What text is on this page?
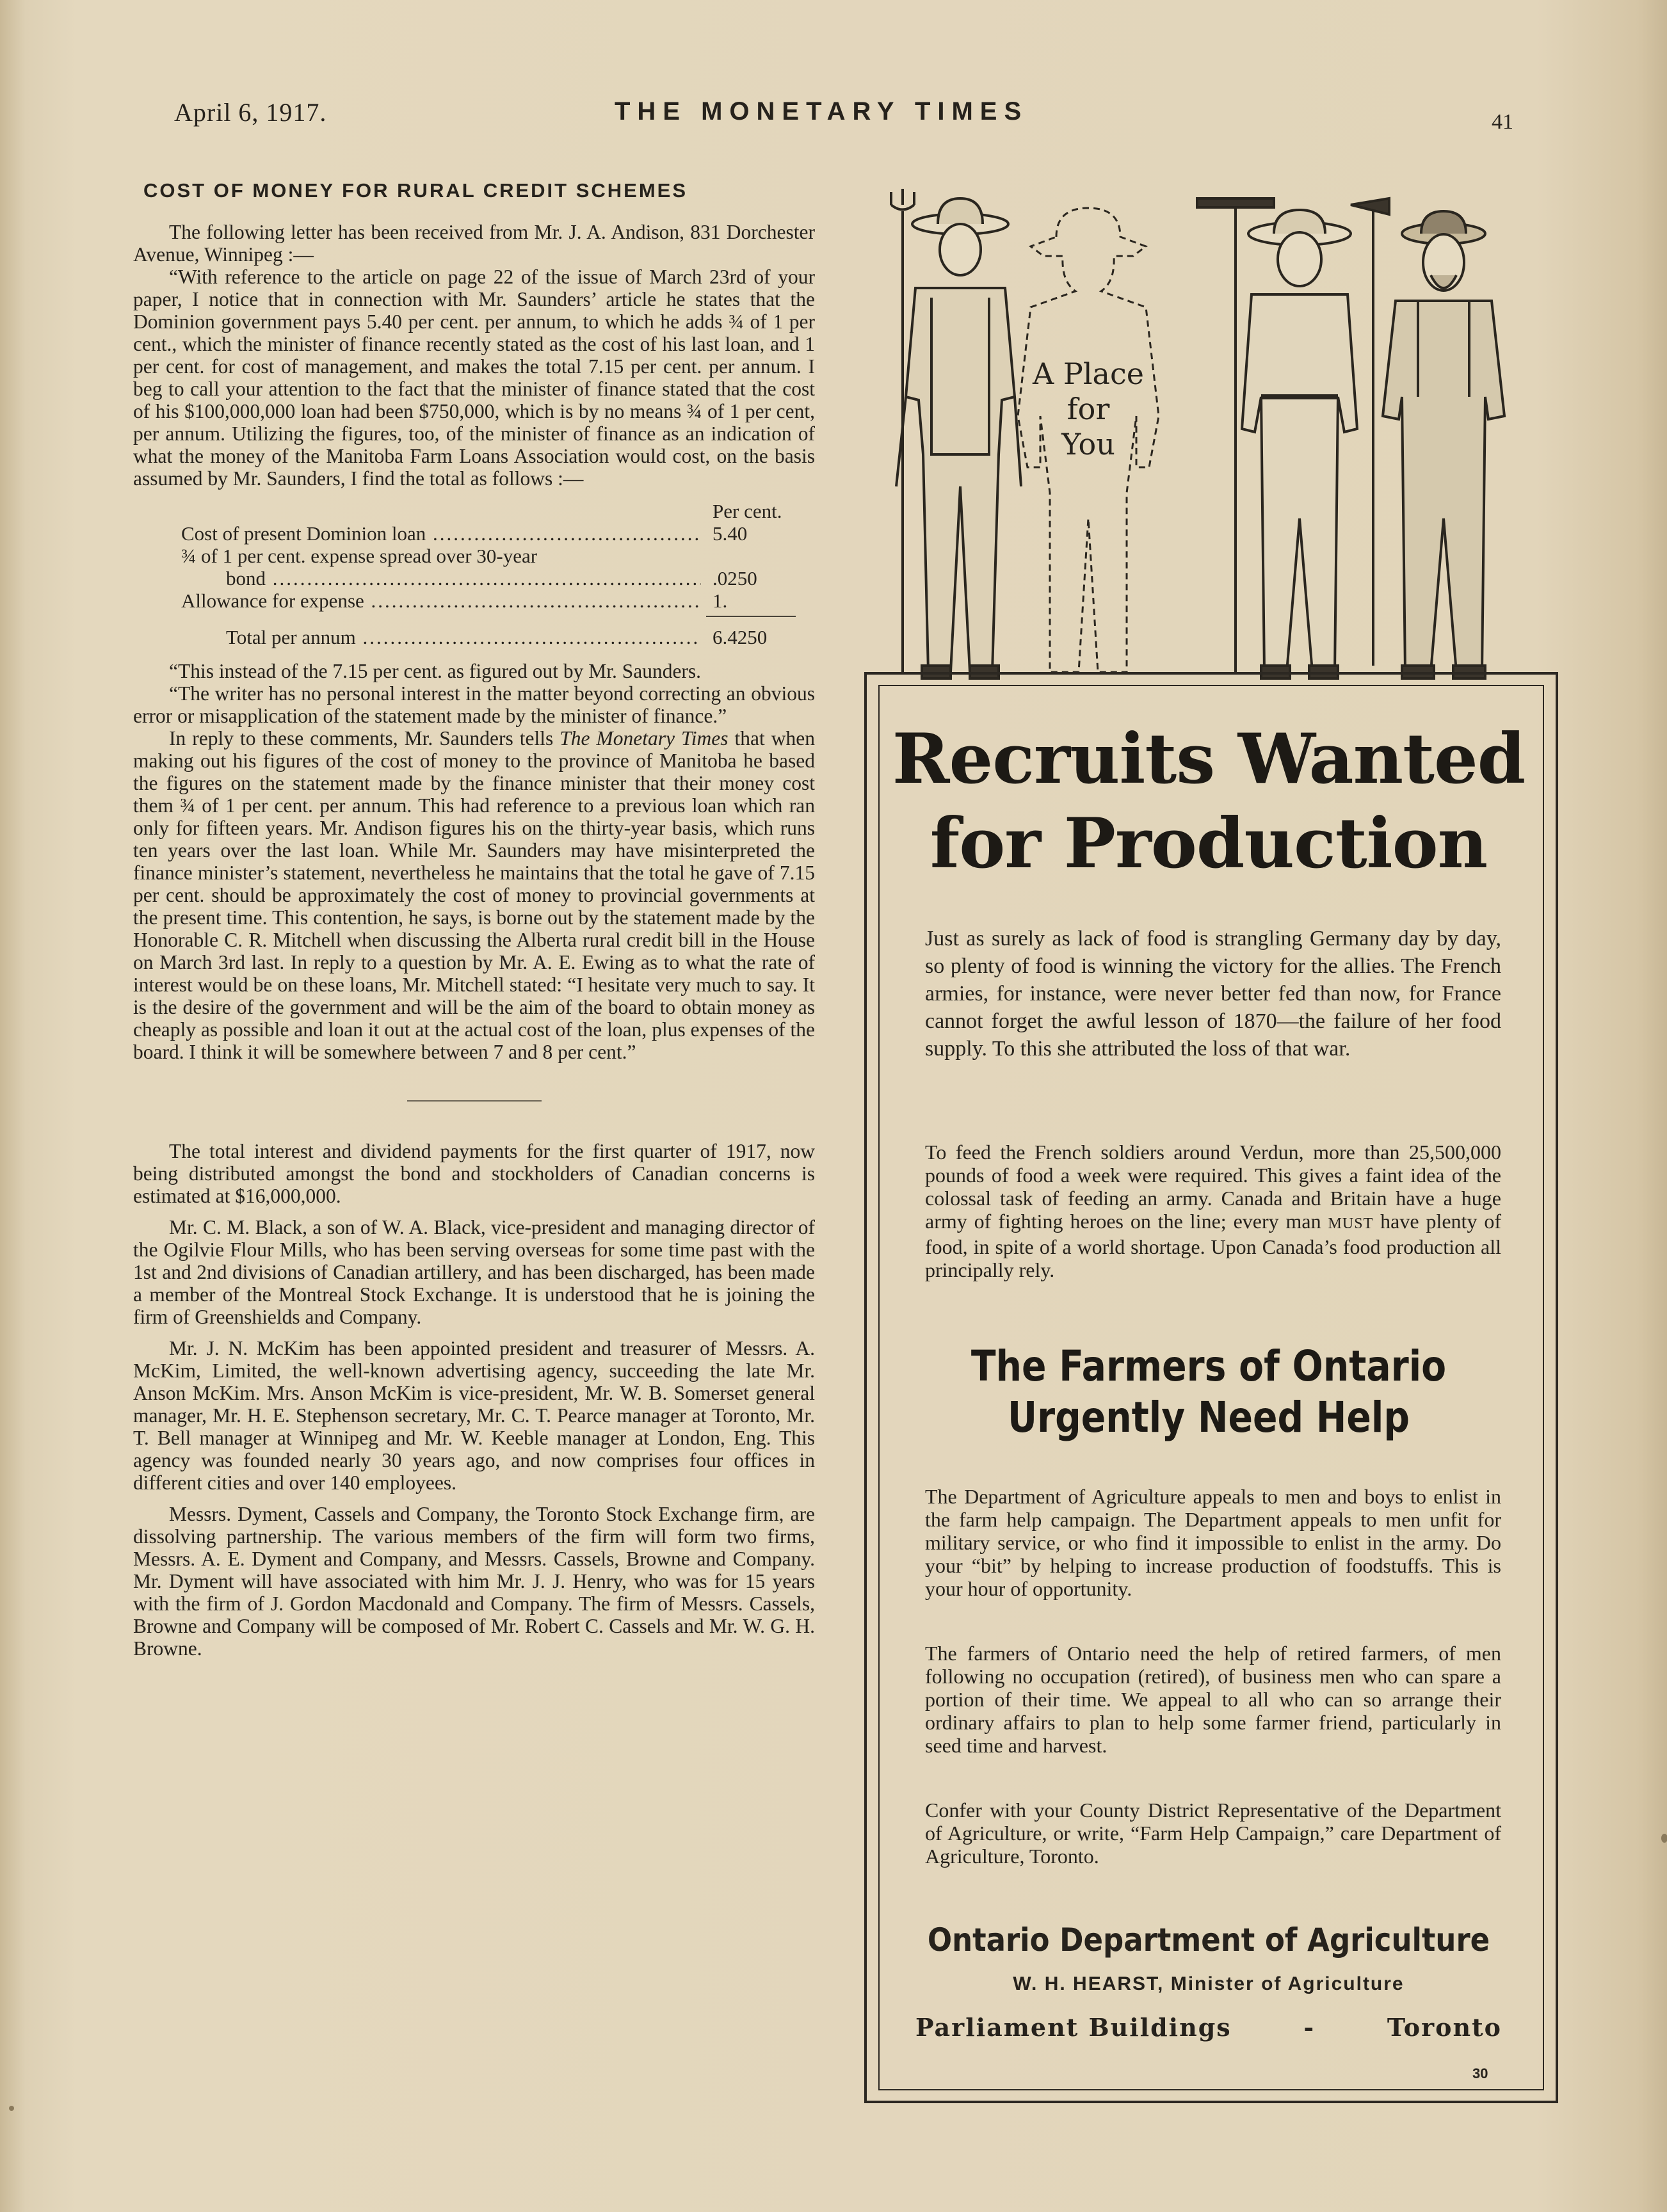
April 6, 1917.	THE MONETARY TIMES	41
COST OF MONEY FOR RURAL CREDIT SCHEMES

The following letter has been received from Mr. J. A. Andison, 831 Dorchester Avenue, Winnipeg :—

“With reference to the article on page 22 of the issue of March 23rd of your paper, I notice that in connection with Mr. Saunders’ article he states that the Dominion government pays 5.40 per cent. per annum, to which he adds ¾ of 1 per cent., which the minister of finance recently stated as the cost of his last loan, and 1 per cent. for cost of management, and makes the total 7.15 per cent. per annum. I beg to call your attention to the fact that the minister of finance stated that the cost of his $100,000,000 loan had been $750,000, which is by no means ¾ of 1 per cent, per annum. Utilizing the figures, too, of the minister of finance as an indication of what the money of the Manitoba Farm Loans Association would cost, on the basis assumed by Mr. Saunders, I find the total as follows :—

Per cent.
Cost of present Dominion loan .....	5.40
¾ of 1 per cent. expense spread over 30-year
bond .....	.0250
Allowance for expense .....	1.
Total per annum .....	6.4250

“This instead of the 7.15 per cent. as figured out by Mr. Saunders.

“The writer has no personal interest in the matter beyond correcting an obvious error or misapplication of the statement made by the minister of finance.”

In reply to these comments, Mr. Saunders tells The Monetary Times that when making out his figures of the cost of money to the province of Manitoba he based the figures on the statement made by the finance minister that their money cost them ¾ of 1 per cent. per annum. This had reference to a previous loan which ran only for fifteen years. Mr. Andison figures his on the thirty-year basis, which runs ten years over the last loan. While Mr. Saunders may have misinterpreted the finance minister’s statement, nevertheless he maintains that the total he gave of 7.15 per cent. should be approximately the cost of money to provincial governments at the present time. This contention, he says, is borne out by the statement made by the Honorable C. R. Mitchell when discussing the Alberta rural credit bill in the House on March 3rd last. In reply to a question by Mr. A. E. Ewing as to what the rate of interest would be on these loans, Mr. Mitchell stated: “I hesitate very much to say. It is the desire of the government and will be the aim of the board to obtain money as cheaply as possible and loan it out at the actual cost of the loan, plus expenses of the board. I think it will be somewhere between 7 and 8 per cent.”

The total interest and dividend payments for the first quarter of 1917, now being distributed amongst the bond and stockholders of Canadian concerns is estimated at $16,000,000.

Mr. C. M. Black, a son of W. A. Black, vice-president and managing director of the Ogilvie Flour Mills, who has been serving overseas for some time past with the 1st and 2nd divisions of Canadian artillery, and has been discharged, has been made a member of the Montreal Stock Exchange. It is understood that he is joining the firm of Greenshields and Company.

Mr. J. N. McKim has been appointed president and treasurer of Messrs. A. McKim, Limited, the well-known advertising agency, succeeding the late Mr. Anson McKim. Mrs. Anson McKim is vice-president, Mr. W. B. Somerset general manager, Mr. H. E. Stephenson secretary, Mr. C. T. Pearce manager at Toronto, Mr. T. Bell manager at Winnipeg and Mr. W. Keeble manager at London, Eng. This agency was founded nearly 30 years ago, and now comprises four offices in different cities and over 140 employees.

Messrs. Dyment, Cassels and Company, the Toronto Stock Exchange firm, are dissolving partnership. The various members of the firm will form two firms, Messrs. A. E. Dyment and Company, and Messrs. Cassels, Browne and Company. Mr. Dyment will have associated with him Mr. J. J. Henry, who was for 15 years with the firm of J. Gordon Macdonald and Company. The firm of Messrs. Cassels, Browne and Company will be composed of Mr. Robert C. Cassels and Mr. W. G. H. Browne.

A Place
for
You
Recruits Wanted
for Production
Just as surely as lack of food is strangling Germany day by day, so plenty of food is winning the victory for the allies. The French armies, for instance, were never better fed than now, for France cannot forget the awful lesson of 1870—the failure of her food supply. To this she attributed the loss of that war.
To feed the French soldiers around Verdun, more than 25,500,000 pounds of food a week were required. This gives a faint idea of the colossal task of feeding an army. Canada and Britain have a huge army of fighting heroes on the line; every man MUST have plenty of food, in spite of a world shortage. Upon Canada’s food production all principally rely.
The Farmers of Ontario
Urgently Need Help
The Department of Agriculture appeals to men and boys to enlist in the farm help campaign. The Department appeals to men unfit for military service, or who find it impossible to enlist in the army. Do your “bit” by helping to increase production of foodstuffs. This is your hour of opportunity.
The farmers of Ontario need the help of retired farmers, of men following no occupation (retired), of business men who can spare a portion of their time. We appeal to all who can so arrange their ordinary affairs to plan to help some farmer friend, particularly in seed time and harvest.
Confer with your County District Representative of the Department of Agriculture, or write, “Farm Help Campaign,” care Department of Agriculture, Toronto.
Ontario Department of Agriculture
W. H. HEARST, Minister of Agriculture
Parliament Buildings	-	Toronto
30
